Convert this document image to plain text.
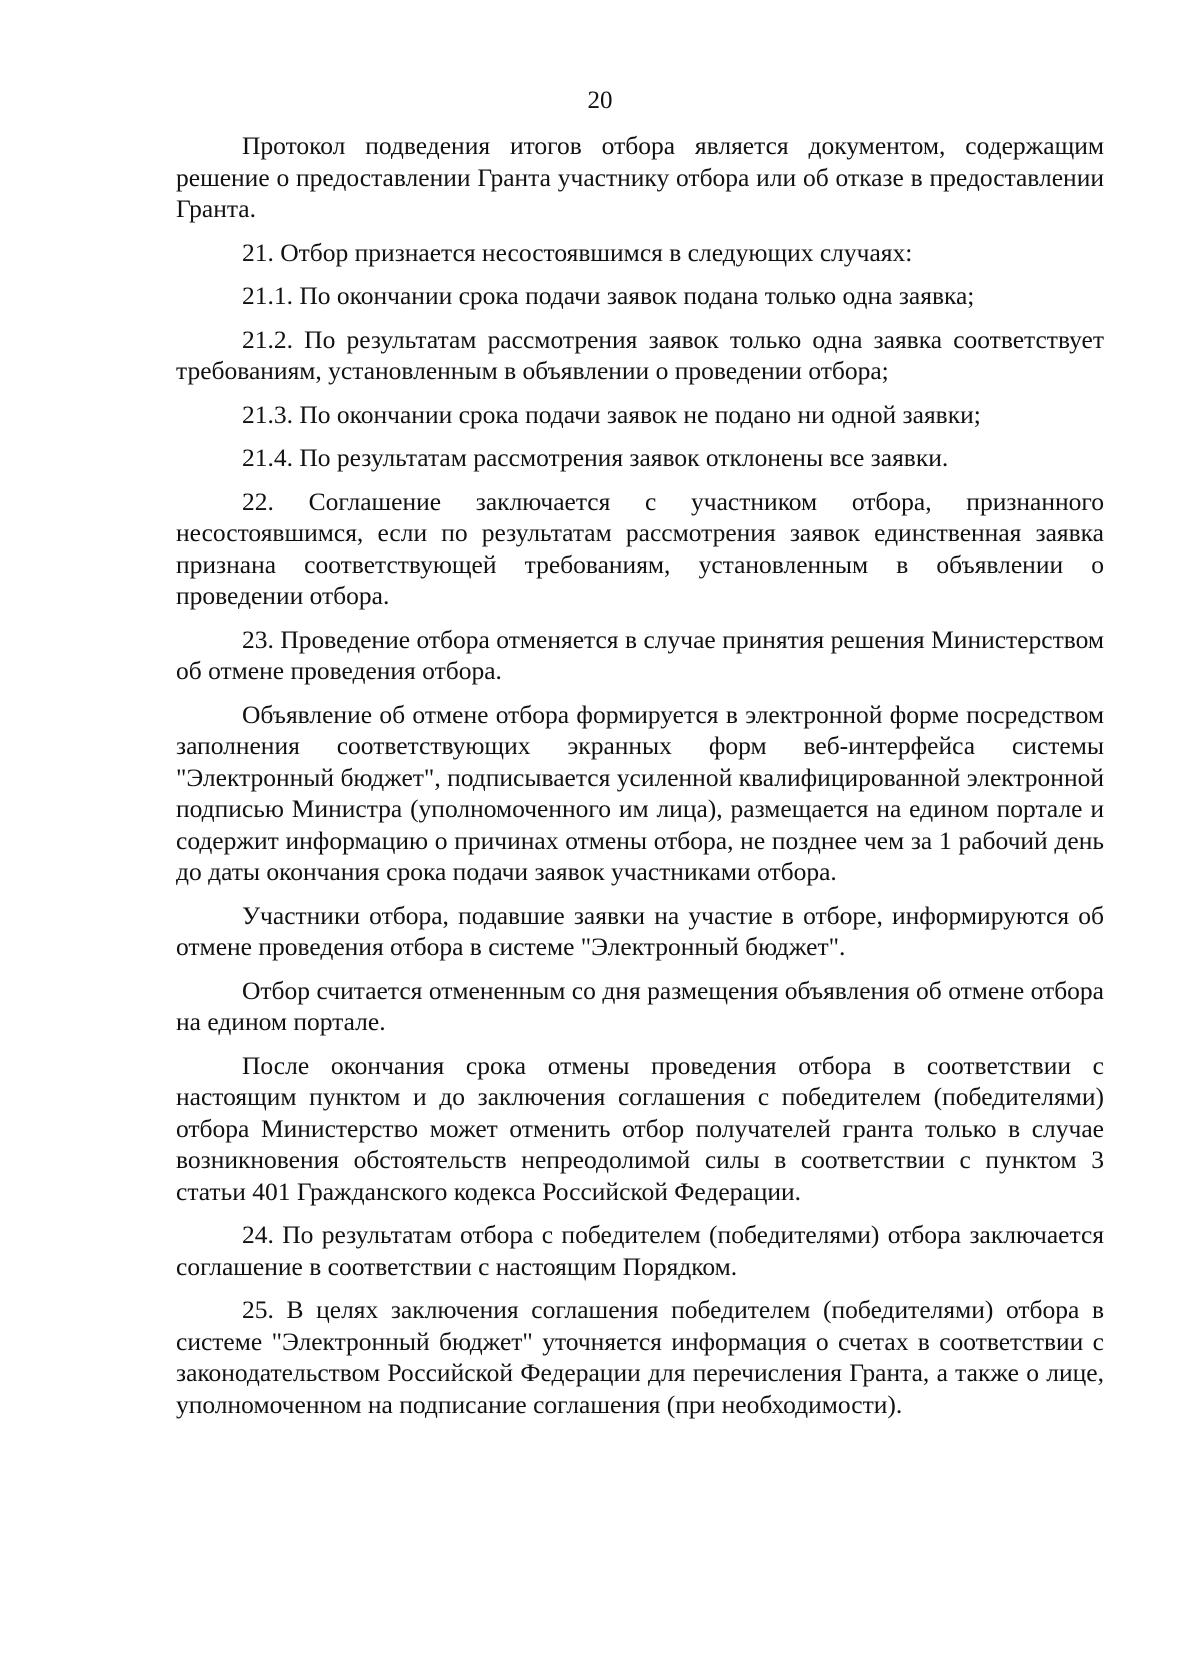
20

Протокол подведения итогов отбора является документом, содержащим решение о предоставлении Гранта участнику отбора или об отказе в предоставлении Гранта.

21. Отбор признается несостоявшимся в следующих случаях:

21.1. По окончании срока подачи заявок подана только одна заявка;

21.2. По результатам рассмотрения заявок только одна заявка соответствует требованиям, установленным в объявлении о проведении отбора;

21.3. По окончании срока подачи заявок не подано ни одной заявки;

21.4. По результатам рассмотрения заявок отклонены все заявки.

22. Соглашение заключается с участником отбора, признанного несостоявшимся, если по результатам рассмотрения заявок единственная заявка признана соответствующей требованиям, установленным в объявлении о проведении отбора.

23. Проведение отбора отменяется в случае принятия решения Министерством об отмене проведения отбора.

Объявление об отмене отбора формируется в электронной форме посредством заполнения соответствующих экранных форм веб-интерфейса системы "Электронный бюджет", подписывается усиленной квалифицированной электронной подписью Министра (уполномоченного им лица), размещается на едином портале и содержит информацию о причинах отмены отбора, не позднее чем за 1 рабочий день до даты окончания срока подачи заявок участниками отбора.

Участники отбора, подавшие заявки на участие в отборе, информируются об отмене проведения отбора в системе "Электронный бюджет".

Отбор считается отмененным со дня размещения объявления об отмене отбора на едином портале.

После окончания срока отмены проведения отбора в соответствии с настоящим пунктом и до заключения соглашения с победителем (победителями) отбора Министерство может отменить отбор получателей гранта только в случае возникновения обстоятельств непреодолимой силы в соответствии с пунктом 3 статьи 401 Гражданского кодекса Российской Федерации.

24. По результатам отбора с победителем (победителями) отбора заключается соглашение в соответствии с настоящим Порядком.

25. В целях заключения соглашения победителем (победителями) отбора в системе "Электронный бюджет" уточняется информация о счетах в соответствии с законодательством Российской Федерации для перечисления Гранта, а также о лице, уполномоченном на подписание соглашения (при необходимости).
